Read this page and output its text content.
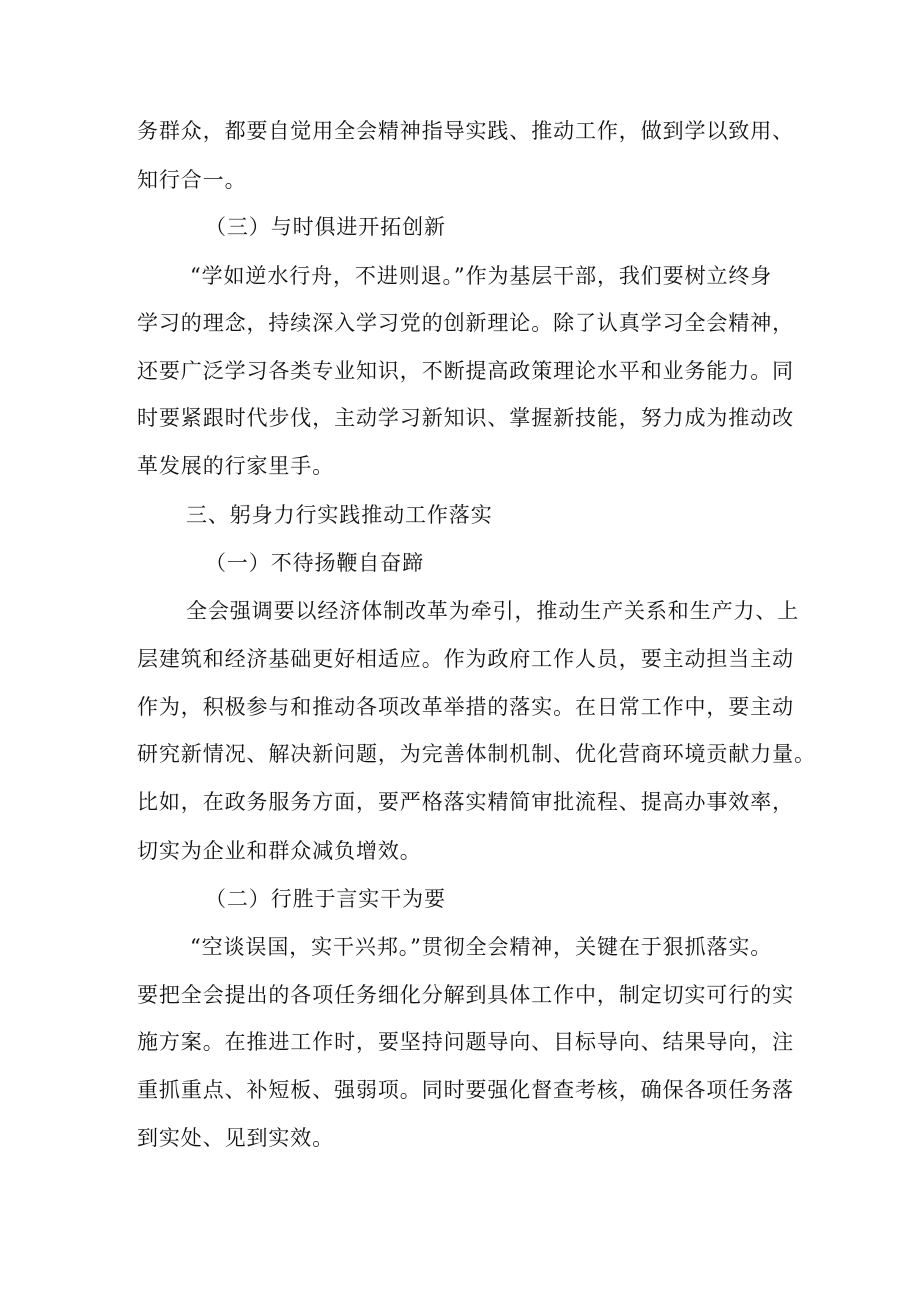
务群众，都要自觉用全会精神指导实践、推动工作，做到学以致用、
知行合一。
（三）与时俱进开拓创新
“学如逆水行舟，不进则退。”作为基层干部，我们要树立终身
学习的理念，持续深入学习党的创新理论。除了认真学习全会精神，
还要广泛学习各类专业知识，不断提高政策理论水平和业务能力。同
时要紧跟时代步伐，主动学习新知识、掌握新技能，努力成为推动改
革发展的行家里手。
三、躬身力行实践推动工作落实
（一）不待扬鞭自奋蹄
全会强调要以经济体制改革为牵引，推动生产关系和生产力、上
层建筑和经济基础更好相适应。作为政府工作人员，要主动担当主动
作为，积极参与和推动各项改革举措的落实。在日常工作中，要主动
研究新情况、解决新问题，为完善体制机制、优化营商环境贡献力量。
比如，在政务服务方面，要严格落实精简审批流程、提高办事效率，
切实为企业和群众减负增效。
（二）行胜于言实干为要
“空谈误国，实干兴邦。”贯彻全会精神，关键在于狠抓落实。
要把全会提出的各项任务细化分解到具体工作中，制定切实可行的实
施方案。在推进工作时，要坚持问题导向、目标导向、结果导向，注
重抓重点、补短板、强弱项。同时要强化督查考核，确保各项任务落
到实处、见到实效。
